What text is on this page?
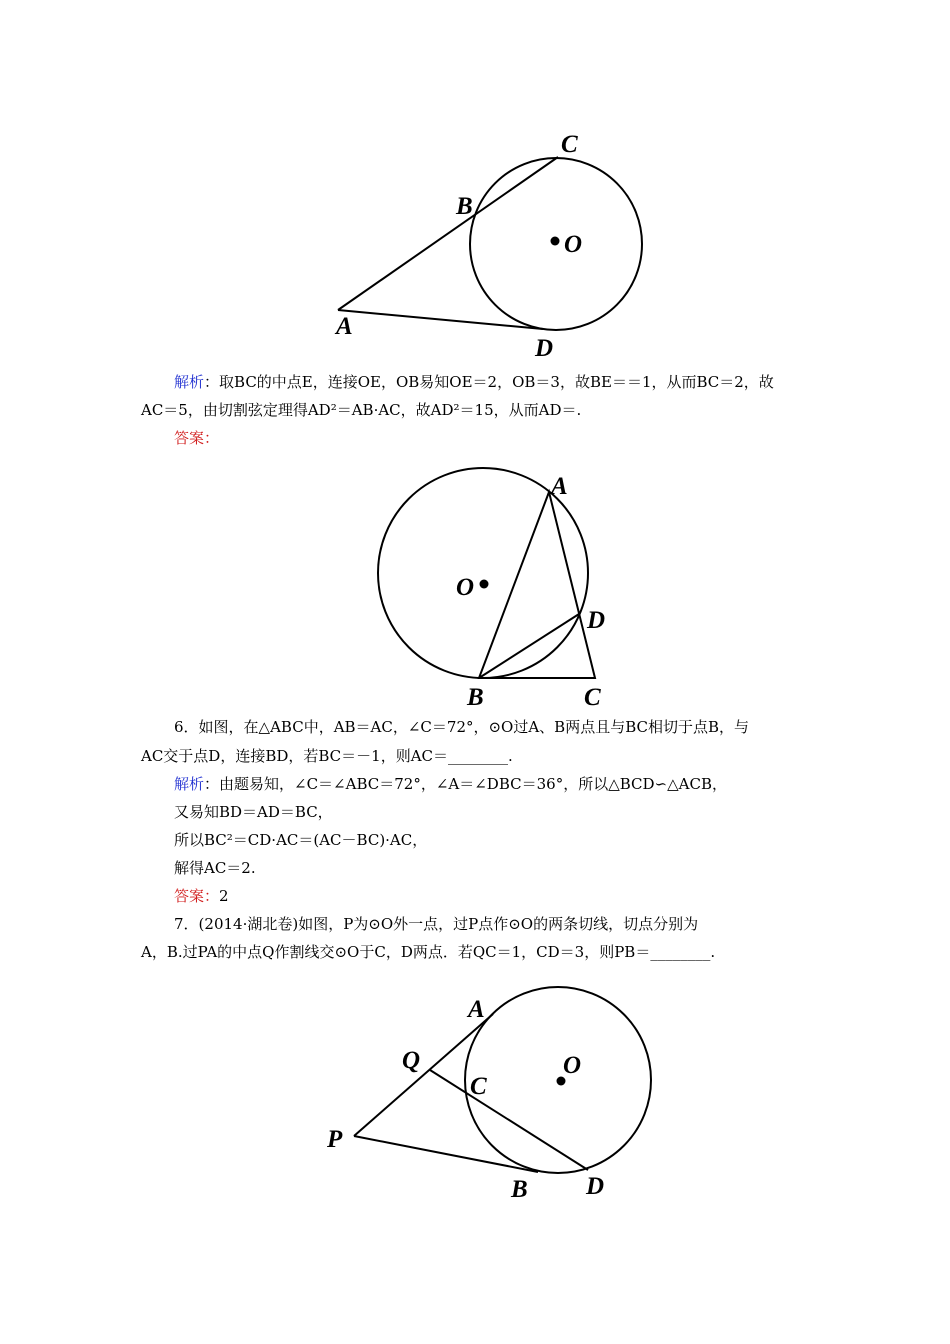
C
B
O
A
D
A
O
D
B	C
A
Q	O
C
P
B D
解析：取BC的中点E，连接OE，OB易知OE＝2，OB＝3，故BE＝＝1，从而BC＝2，故
AC＝5，由切割弦定理得AD²＝AB·AC，故AD²＝15，从而AD＝.
答案：
6．如图，在△ABC中，AB＝AC，∠C＝72°，⊙O过A、B两点且与BC相切于点B，与
AC交于点D，连接BD，若BC＝－1，则AC＝________.
解析：由题易知，∠C＝∠ABC＝72°，∠A＝∠DBC＝36°，所以△BCD∽△ACB，
又易知BD＝AD＝BC，
所以BC²＝CD·AC＝(AC－BC)·AC，
解得AC＝2.
答案：2
7．(2014·湖北卷)如图，P为⊙O外一点，过P点作⊙O的两条切线，切点分别为
A，B.过PA的中点Q作割线交⊙O于C，D两点．若QC＝1，CD＝3，则PB＝________.
